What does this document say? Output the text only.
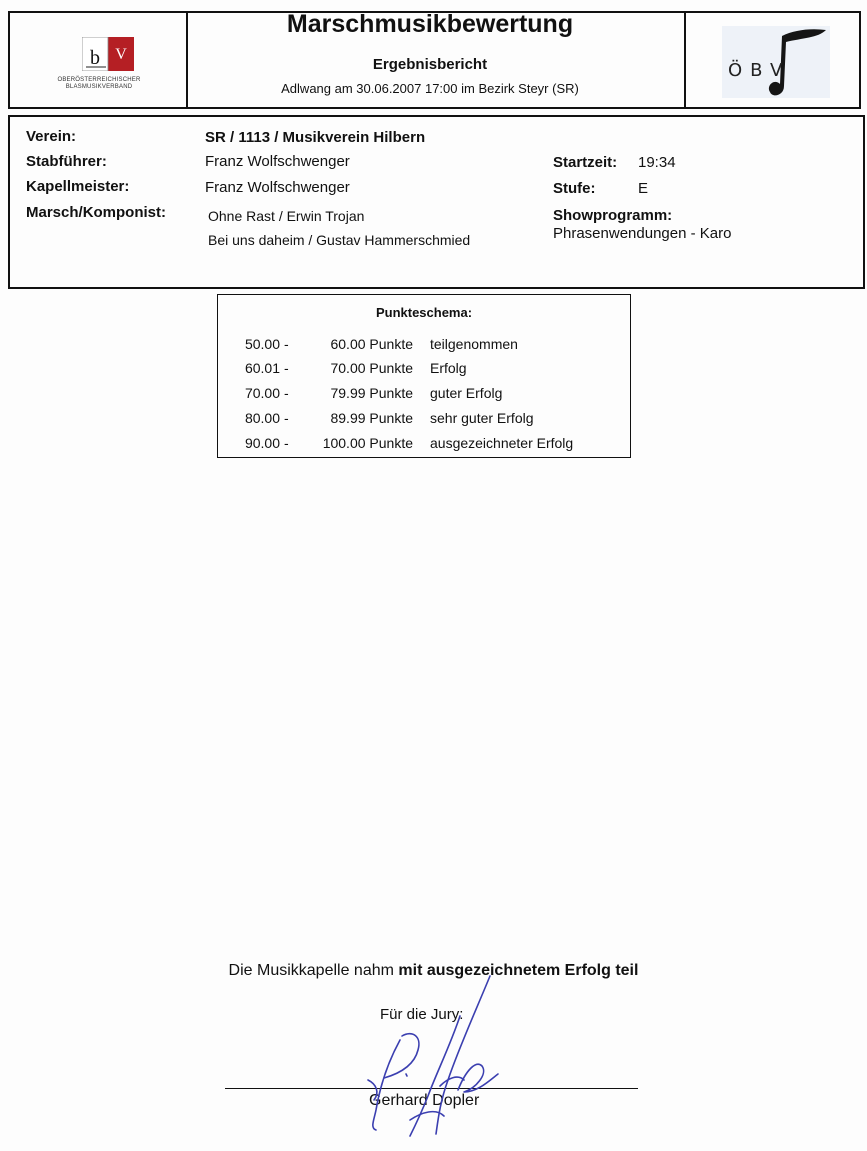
b V
OBERÖSTERREICHISCHER
BLASMUSIKVERBAND
Marschmusikbewertung
Ergebnisbericht
Adlwang am 30.06.2007 17:00 im Bezirk Steyr (SR)
ÖBV
Verein:	SR / 1113 / Musikverein Hilbern
Stabführer:	Franz Wolfschwenger
Kapellmeister:	Franz Wolfschwenger
Marsch/Komponist:	Ohne Rast / Erwin Trojan
Bei uns daheim / Gustav Hammerschmied
Startzeit: 19:34
Stufe:	E
Showprogramm:
Phrasenwendungen - Karo
Punkteschema:
50.00 -	60.00 Punkte teilgenommen
60.01 -	70.00 Punkte Erfolg
70.00 -	79.99 Punkte guter Erfolg
80.00 -	89.99 Punkte sehr guter Erfolg
90.00 -	100.00 Punkte ausgezeichneter Erfolg
Die Musikkapelle nahm mit ausgezeichnetem Erfolg teil
Für die Jury:
Gerhard Dopler
